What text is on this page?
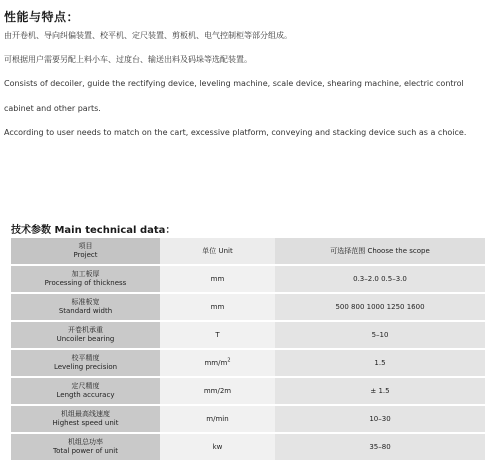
性能与特点：
由开卷机、导向纠偏装置、校平机、定尺装置、剪板机、电气控制柜等部分组成。
可根据用户需要另配上料小车、过度台、输送出料及码垛等选配装置。
Consists of decoiler, guide the rectifying device, leveling machine, scale device, shearing machine, electric control
cabinet and other parts.
According to user needs to match on the cart, excessive platform, conveying and stacking device such as a choice.
技术参数 Main technical data：
项目
Project	单位 Unit	可选择范围 Choose the scope

加工板厚
Processing of thickness	mm	0.3–2.0 0.5–3.0

标准板宽
Standard width	mm	500 800 1000 1250 1600

开卷机承重
Uncoiler bearing	T	5–10

校平精度
Leveling precision	$mm/m^2$	1.5

定尺精度
Length accuracy	mm/2m	± 1.5

机组最高线速度
Highest speed unit	m/min	10–30

机组总功率
Total power of unit	kw	35–80
